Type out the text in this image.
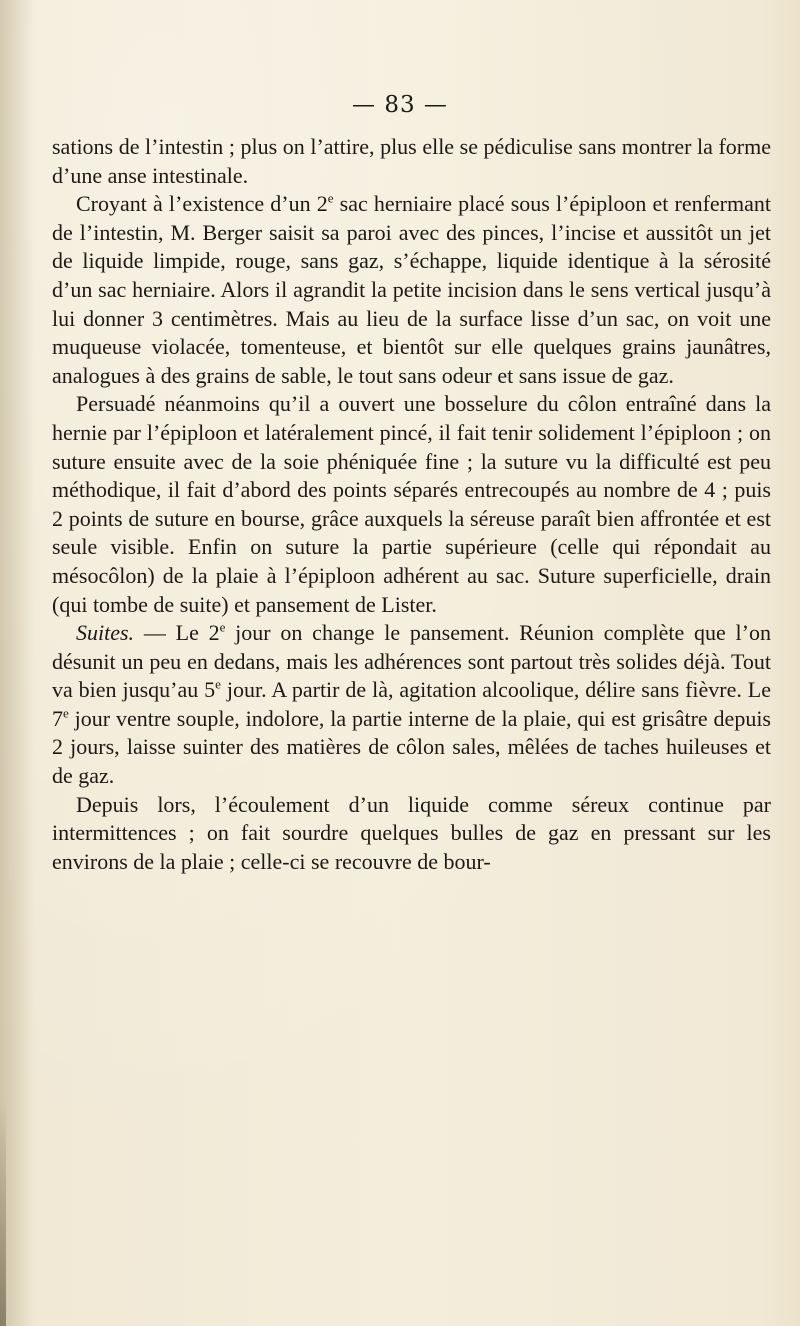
— 83 —

sations de l’intestin ; plus on l’attire, plus elle se pédiculise sans montrer la forme d’une anse intestinale.

Croyant à l’existence d’un 2e sac herniaire placé sous l’épiploon et renfermant de l’intestin, M. Berger saisit sa paroi avec des pinces, l’incise et aussitôt un jet de liquide limpide, rouge, sans gaz, s’échappe, liquide identique à la sérosité d’un sac herniaire. Alors il agrandit la petite incision dans le sens vertical jusqu’à lui donner 3 centimètres. Mais au lieu de la surface lisse d’un sac, on voit une muqueuse violacée, tomenteuse, et bientôt sur elle quelques grains jaunâtres, analogues à des grains de sable, le tout sans odeur et sans issue de gaz.

Persuadé néanmoins qu’il a ouvert une bosselure du côlon entraîné dans la hernie par l’épiploon et latéralement pincé, il fait tenir solidement l’épiploon ; on suture ensuite avec de la soie phéniquée fine ; la suture vu la difficulté est peu méthodique, il fait d’abord des points séparés entrecoupés au nombre de 4 ; puis 2 points de suture en bourse, grâce auxquels la séreuse paraît bien affrontée et est seule visible. Enfin on suture la partie supérieure (celle qui répondait au mésocôlon) de la plaie à l’épiploon adhérent au sac. Suture superficielle, drain (qui tombe de suite) et pansement de Lister.

Suites. — Le 2e jour on change le pansement. Réunion complète que l’on désunit un peu en dedans, mais les adhérences sont partout très solides déjà. Tout va bien jusqu’au 5e jour. A partir de là, agitation alcoolique, délire sans fièvre. Le 7e jour ventre souple, indolore, la partie interne de la plaie, qui est grisâtre depuis 2 jours, laisse suinter des matières de côlon sales, mêlées de taches huileuses et de gaz.

Depuis lors, l’écoulement d’un liquide comme séreux continue par intermittences ; on fait sourdre quelques bulles de gaz en pressant sur les environs de la plaie ; celle-ci se recouvre de bour-
